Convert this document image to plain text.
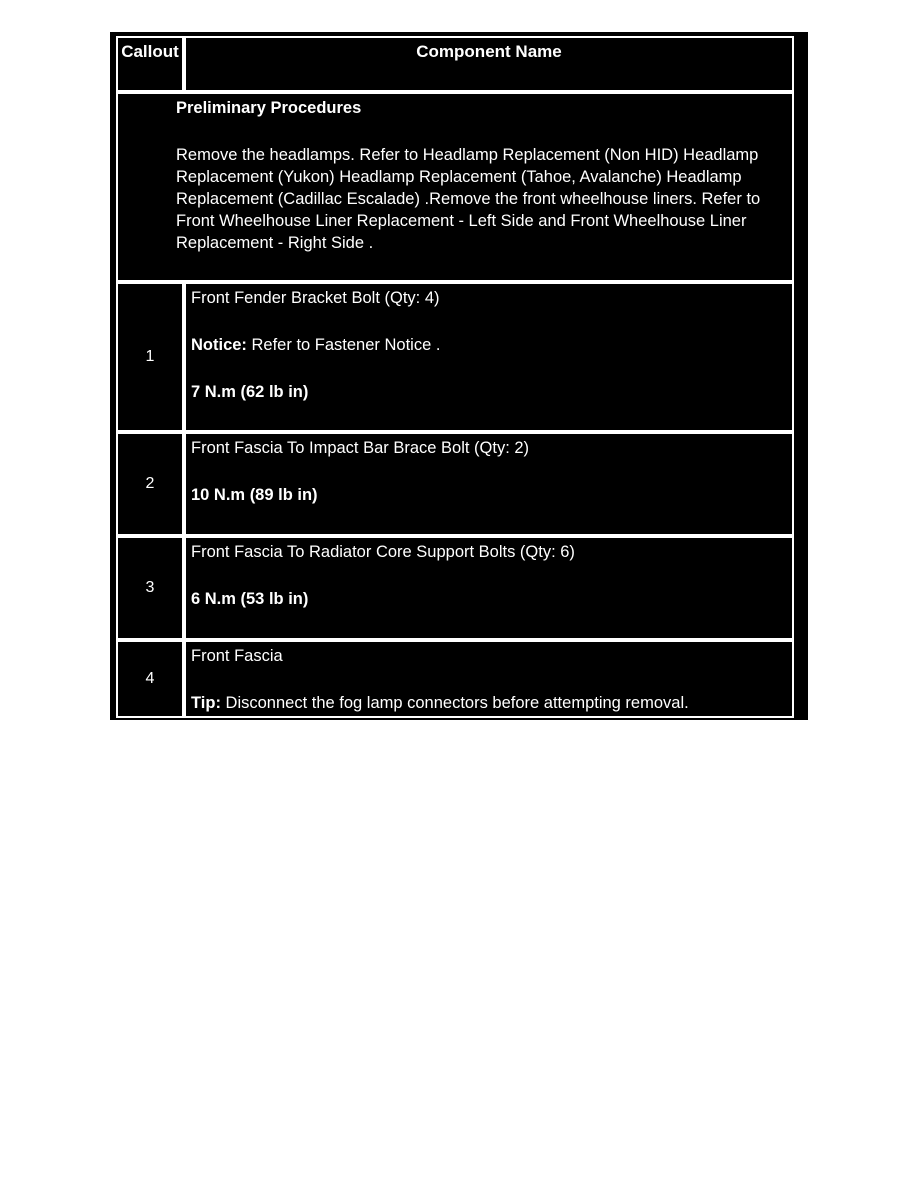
Callout	Component Name
Preliminary Procedures
Remove the headlamps. Refer to Headlamp Replacement (Non HID) Headlamp Replacement (Yukon) Headlamp Replacement (Tahoe, Avalanche) Headlamp Replacement (Cadillac Escalade) .Remove the front wheelhouse liners. Refer to Front Wheelhouse Liner Replacement - Left Side and Front Wheelhouse Liner Replacement - Right Side .
1

Front Fender Bracket Bolt (Qty: 4)

Notice: Refer to Fastener Notice .

7 N.m (62 lb in)

2

Front Fascia To Impact Bar Brace Bolt (Qty: 2)

10 N.m (89 lb in)

3

Front Fascia To Radiator Core Support Bolts (Qty: 6)

6 N.m (53 lb in)

4

Front Fascia

Tip: Disconnect the fog lamp connectors before attempting removal.
